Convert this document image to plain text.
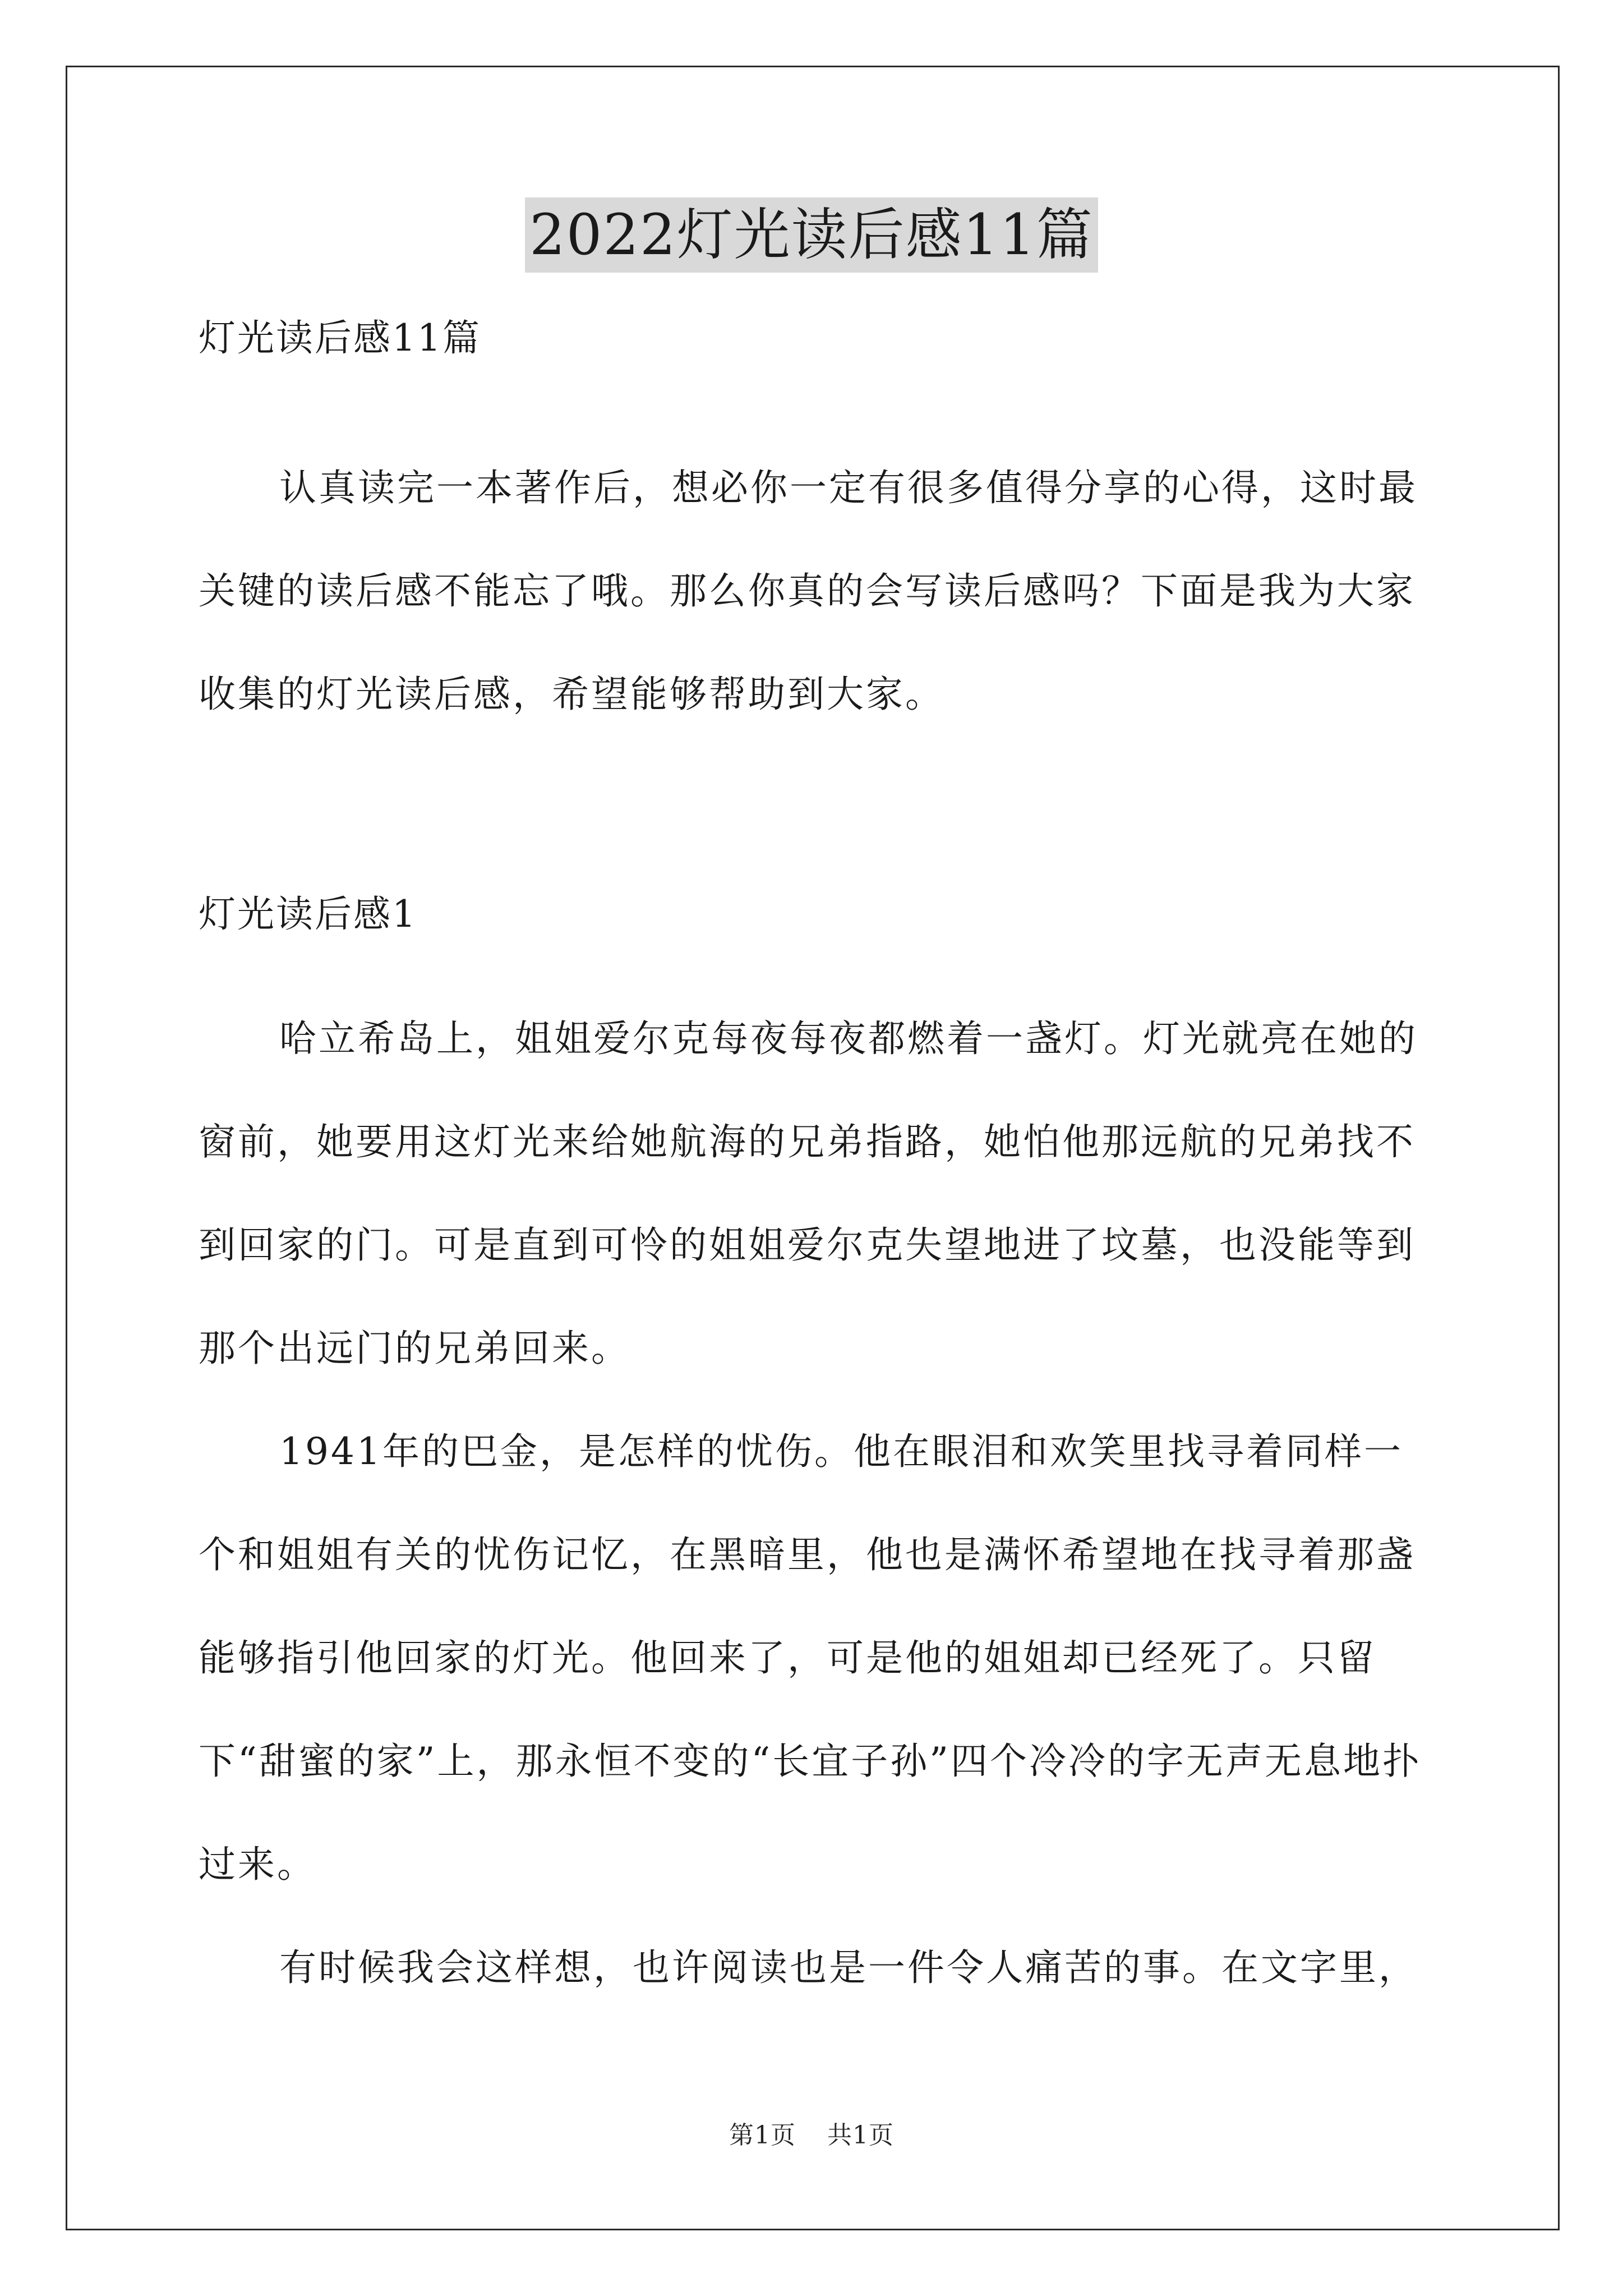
2022灯光读后感11篇
灯光读后感11篇

认真读完一本著作后，想必你一定有很多值得分享的心得，这时最关键的读后感不能忘了哦。那么你真的会写读后感吗？下面是我为大家收集的灯光读后感，希望能够帮助到大家。

灯光读后感1

哈立希岛上，姐姐爱尔克每夜每夜都燃着一盏灯。灯光就亮在她的窗前，她要用这灯光来给她航海的兄弟指路，她怕他那远航的兄弟找不到回家的门。可是直到可怜的姐姐爱尔克失望地进了坟墓，也没能等到那个出远门的兄弟回来。

1941年的巴金，是怎样的忧伤。他在眼泪和欢笑里找寻着同样一个和姐姐有关的忧伤记忆，在黑暗里，他也是满怀希望地在找寻着那盏能够指引他回家的灯光。他回来了，可是他的姐姐却已经死了。只留下“甜蜜的家”上，那永恒不变的“长宜子孙”四个冷冷的字无声无息地扑过来。

有时候我会这样想，也许阅读也是一件令人痛苦的事。在文字里，

第1页 共1页
